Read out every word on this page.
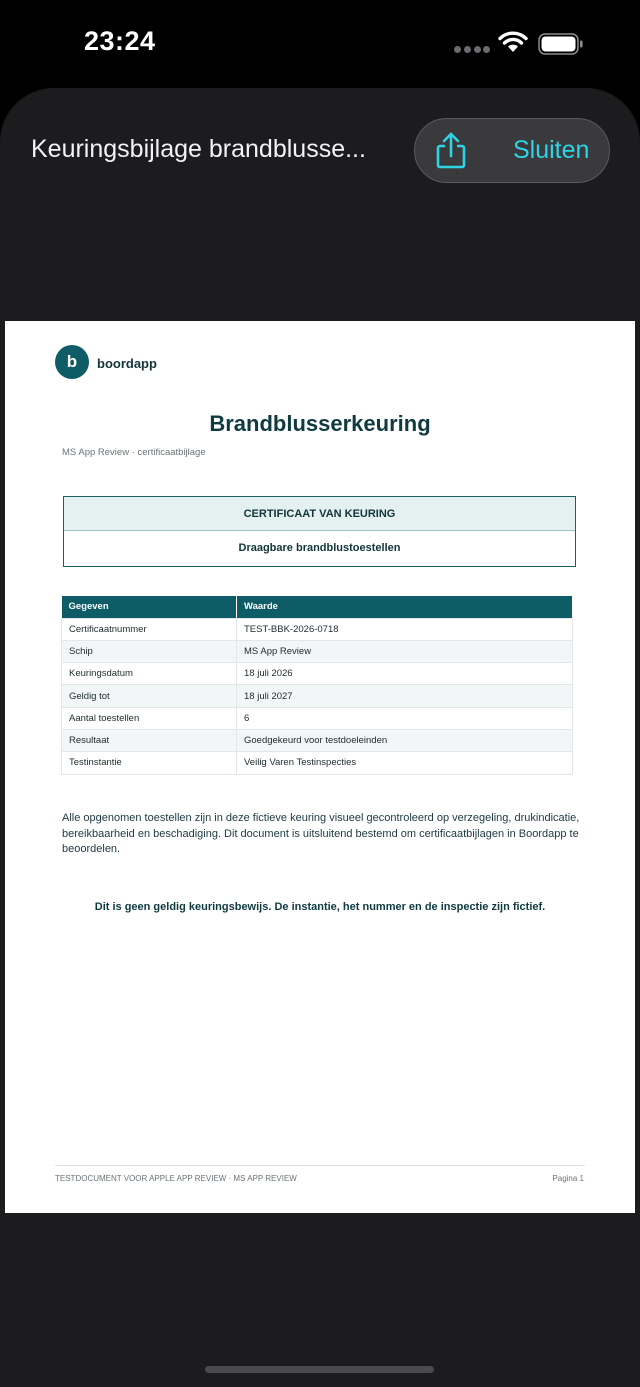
23:24
Keuringsbijlage brandblusse...	Sluiten
b	boordapp
Brandblusserkeuring
MS App Review · certificaatbijlage
CERTIFICAAT VAN KEURING
Draagbare brandblustoestellen
Gegeven	Waarde
Certificaatnummer	TEST-BBK-2026-0718
Schip	MS App Review
Keuringsdatum	18 juli 2026
Geldig tot	18 juli 2027
Aantal toestellen	6
Resultaat	Goedgekeurd voor testdoeleinden
Testinstantie	Veilig Varen Testinspecties
Alle opgenomen toestellen zijn in deze fictieve keuring visueel gecontroleerd op verzegeling, drukindicatie, bereikbaarheid en beschadiging. Dit document is uitsluitend bestemd om certificaatbijlagen in Boordapp te beoordelen.
Dit is geen geldig keuringsbewijs. De instantie, het nummer en de inspectie zijn fictief.
TESTDOCUMENT VOOR APPLE APP REVIEW · MS APP REVIEW	Pagina 1
